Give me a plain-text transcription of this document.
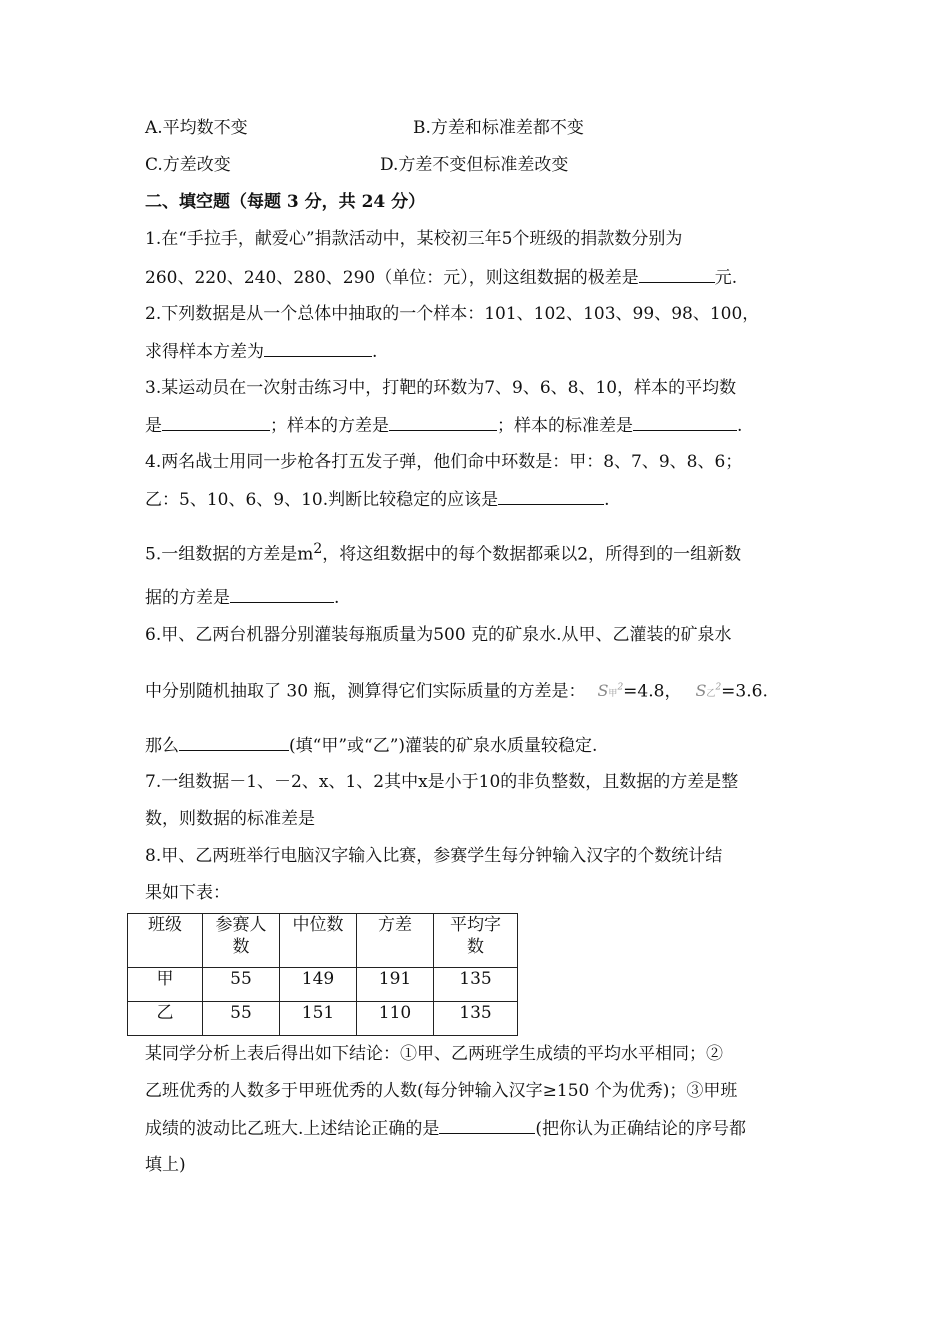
A.平均数不变	B.方差和标准差都不变
C.方差改变	D.方差不变但标准差改变
二、填空题（每题 3 分，共 24 分）
1.在“手拉手，献爱心”捐款活动中，某校初三年5个班级的捐款数分别为
260、220、240、280、290（单位：元），则这组数据的极差是	元.
2.下列数据是从一个总体中抽取的一个样本：101、102、103、99、98、100，
求得样本方差为	.
3.某运动员在一次射击练习中，打靶的环数为7、9、6、8、10，样本的平均数
是	；样本的方差是	；样本的标准差是	.
4.两名战士用同一步枪各打五发子弹，他们命中环数是：甲：8、7、9、8、6；
乙：5、10、6、9、10.判断比较稳定的应该是	.
5.一组数据的方差是$m^2$，将这组数据中的每个数据都乘以2，所得到的一组新数
据的方差是	.
6.甲、乙两台机器分别灌装每瓶质量为500 克的矿泉水.从甲、乙灌装的矿泉水
中分别随机抽取了 30 瓶，测算得它们实际质量的方差是： S甲$^2$=4.8， S乙$^2$=3.6.
那么	(填“甲”或“乙”)灌装的矿泉水质量较稳定.
7.一组数据－1、－2、x、1、2其中x是小于10的非负整数，且数据的方差是整
数，则数据的标准差是
8.甲、乙两班举行电脑汉字输入比赛，参赛学生每分钟输入汉字的个数统计结
果如下表：
班级	参赛人数	中位数	方差	平均字数

甲	55	149	191	135
乙	55	151	110	135
某同学分析上表后得出如下结论：①甲、乙两班学生成绩的平均水平相同；②
乙班优秀的人数多于甲班优秀的人数(每分钟输入汉字≥150 个为优秀)；③甲班
成绩的波动比乙班大.上述结论正确的是	(把你认为正确结论的序号都
填上)
